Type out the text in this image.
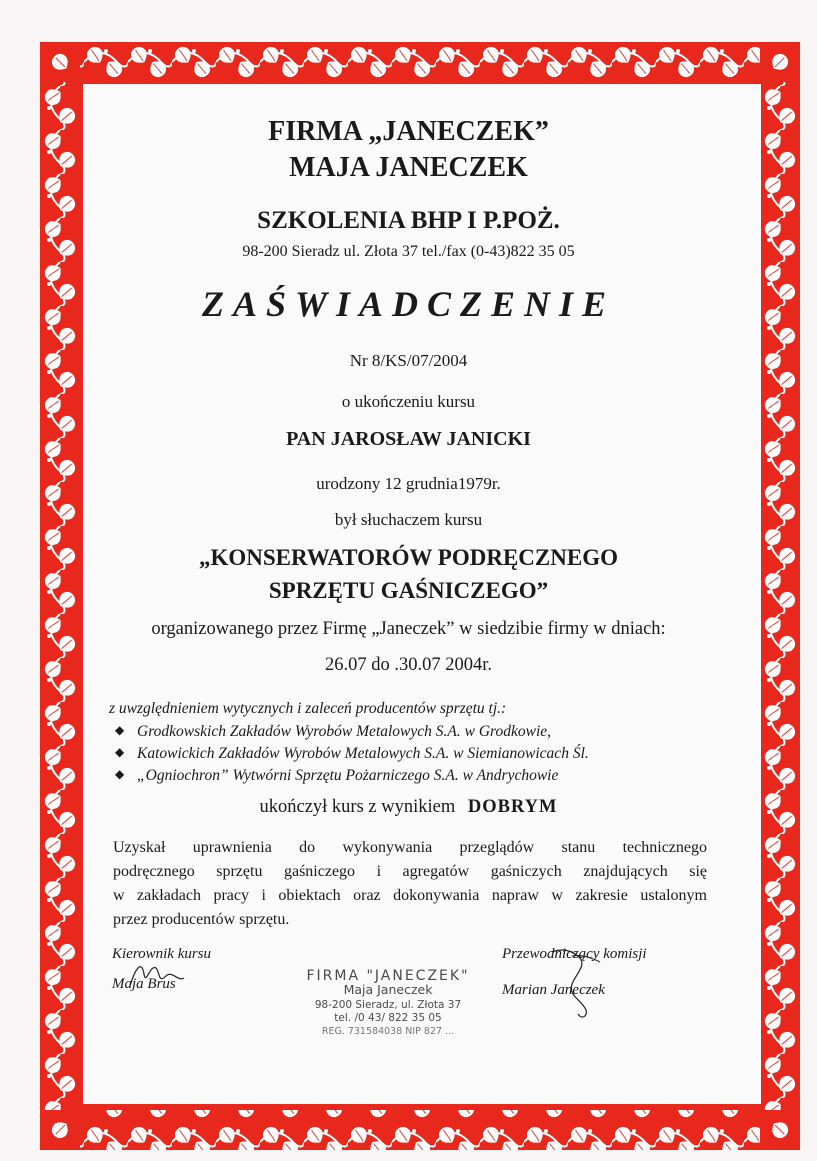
FIRMA „JANECZEK”
MAJA JANECZEK
SZKOLENIA BHP I P.POŻ.
98-200 Sieradz ul. Złota 37 tel./fax (0-43)822 35 05
ZAŚWIADCZENIE
Nr 8/KS/07/2004
o ukończeniu kursu
PAN JAROSŁAW JANICKI
urodzony 12 grudnia1979r.
był słuchaczem kursu
„KONSERWATORÓW PODRĘCZNEGO
SPRZĘTU GAŚNICZEGO”
organizowanego przez Firmę „Janeczek” w siedzibie firmy w dniach:
26.07 do .30.07 2004r.
z uwzględnieniem wytycznych i zaleceń producentów sprzętu tj.:
◆ Grodkowskich Zakładów Wyrobów Metalowych S.A. w Grodkowie,
◆ Katowickich Zakładów Wyrobów Metalowych S.A. w Siemianowicach Śl.
◆ „Ogniochron” Wytwórni Sprzętu Pożarniczego S.A. w Andrychowie
ukończył kurs z wynikiem DOBRYM

Uzyskał uprawnienia do wykonywania przeglądów stanu technicznego

podręcznego sprzętu gaśniczego i agregatów gaśniczych znajdujących się

w zakładach pracy i obiektach oraz dokonywania napraw w zakresie ustalonym

przez producentów sprzętu.

Kierownik kursu
Maja Brus
Przewodniczący komisji
Marian Janeczek
FIRMA "JANECZEK"
Maja Janeczek
98-200 Sieradz, ul. Złota 37
tel. /0 43/ 822 35 05
REG. 731584038 NIP 827 ...
